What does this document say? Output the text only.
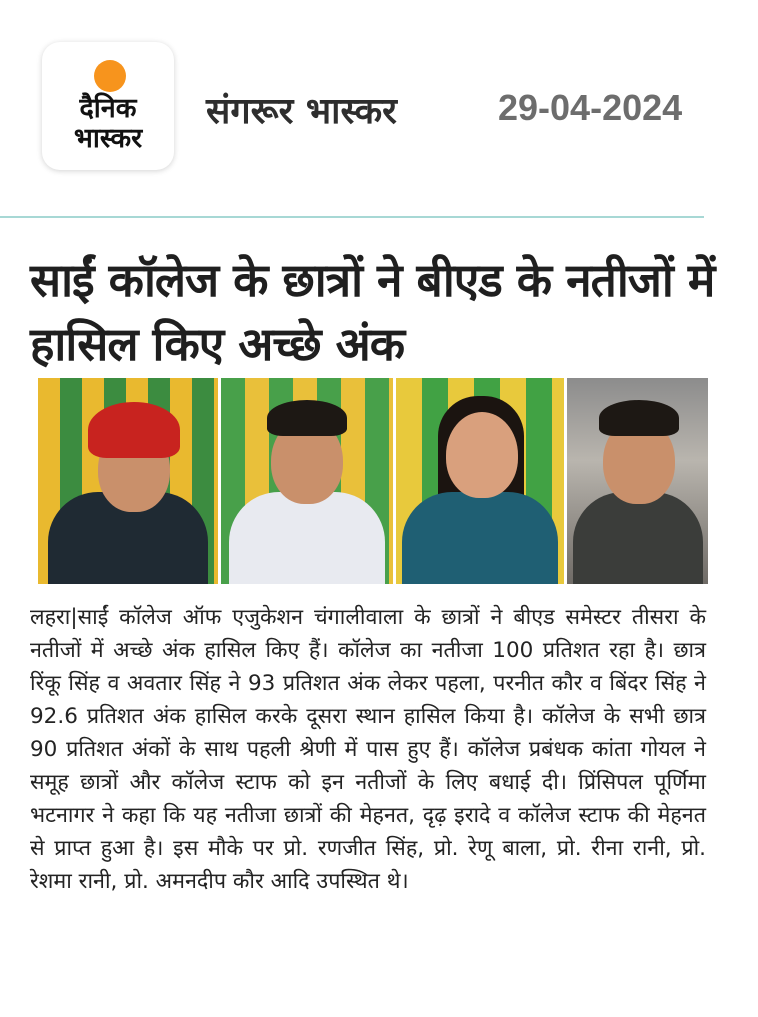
दैनिक
भास्कर
संगरूर भास्कर	29-04-2024
साईं कॉलेज के छात्रों ने बीएड के नतीजों में हासिल किए अच्छे अंक
लहरा|साईं कॉलेज ऑफ एजुकेशन चंगालीवाला के छात्रों ने बीएड समेस्टर तीसरा के नतीजों में अच्छे अंक हासिल किए हैं। कॉलेज का नतीजा 100 प्रतिशत रहा है। छात्र रिंकू सिंह व अवतार सिंह ने 93 प्रतिशत अंक लेकर पहला, परनीत कौर व बिंदर सिंह ने 92.6 प्रतिशत अंक हासिल करके दूसरा स्थान हासिल किया है। कॉलेज के सभी छात्र 90 प्रतिशत अंकों के साथ पहली श्रेणी में पास हुए हैं। कॉलेज प्रबंधक कांता गोयल ने समूह छात्रों और कॉलेज स्टाफ को इन नतीजों के लिए बधाई दी। प्रिंसिपल पूर्णिमा भटनागर ने कहा कि यह नतीजा छात्रों की मेहनत, दृढ़ इरादे व कॉलेज स्टाफ की मेहनत से प्राप्त हुआ है। इस मौके पर प्रो. रणजीत सिंह, प्रो. रेणू बाला, प्रो. रीना रानी, प्रो. रेशमा रानी, प्रो. अमनदीप कौर आदि उपस्थित थे।
